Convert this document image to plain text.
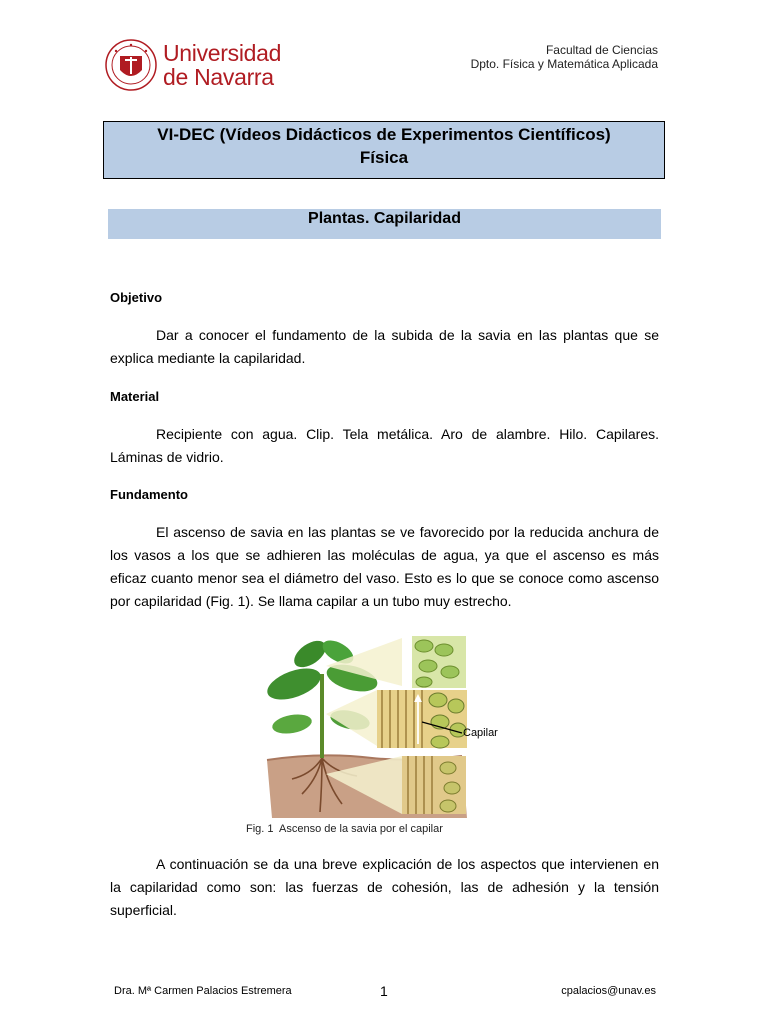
Universidad
de Navarra
Facultad de Ciencias
Dpto. Física y Matemática Aplicada
VI-DEC (Vídeos Didácticos de Experimentos Científicos)
Física
Plantas. Capilaridad
Objetivo
Dar a conocer el fundamento de la subida de la savia en las plantas que se explica mediante la capilaridad.
Material
Recipiente con agua. Clip. Tela metálica. Aro de alambre. Hilo. Capilares. Láminas de vidrio.
Fundamento
El ascenso de savia en las plantas se ve favorecido por la reducida anchura de los vasos a los que se adhieren las moléculas de agua, ya que el ascenso es más eficaz cuanto menor sea el diámetro del vaso. Esto es lo que se conoce como ascenso por capilaridad (Fig. 1). Se llama capilar a un tubo muy estrecho.
Capilar
Fig. 1  Ascenso de la savia por el capilar
A continuación se da una breve explicación de los aspectos que intervienen en la capilaridad como son: las fuerzas de cohesión, las de adhesión y la tensión superficial.
Dra. Mª Carmen Palacios Estremera	1	cpalacios@unav.es
